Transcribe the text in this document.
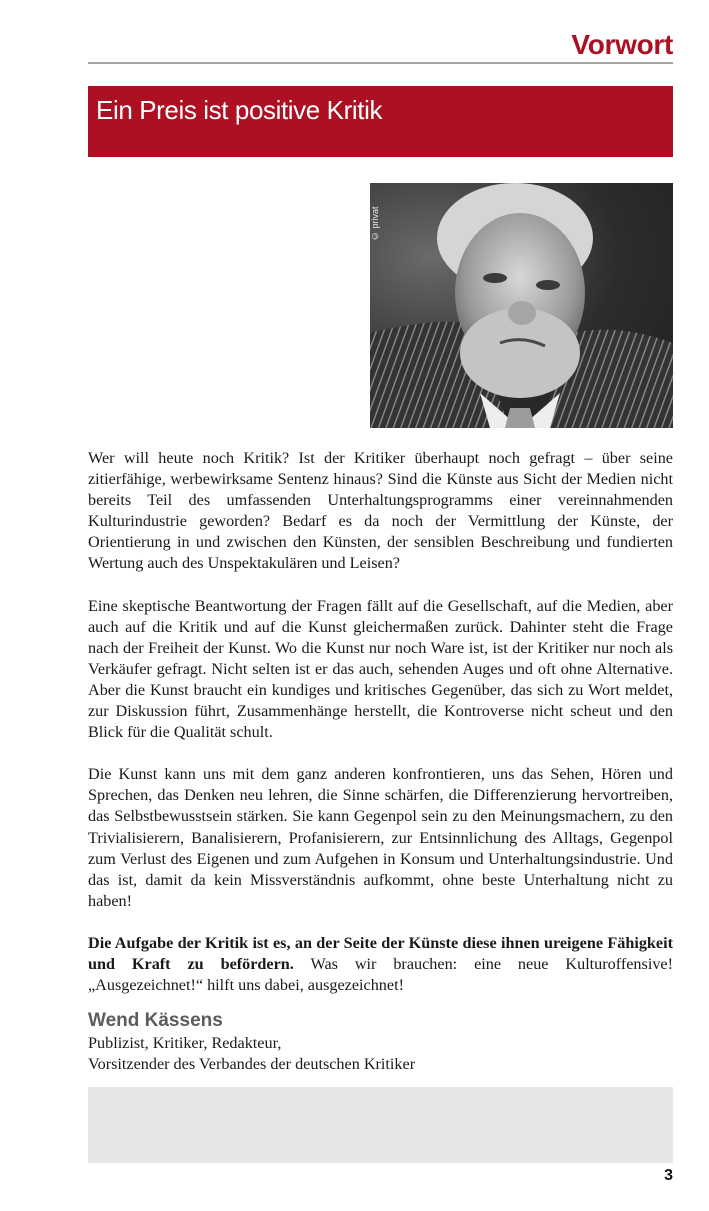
Vorwort
Ein Preis ist positive Kritik
© privat

Wer will heute noch Kritik? Ist der Kritiker überhaupt noch gefragt – über seine zitierfähige, werbewirksame Sentenz hinaus? Sind die Künste aus Sicht der Medien nicht bereits Teil des umfassenden Unterhaltungsprogramms einer vereinnahmenden Kulturindustrie geworden? Bedarf es da noch der Vermittlung der Künste, der Orientierung in und zwischen den Künsten, der sensiblen Beschreibung und fundierten Wertung auch des Unspektakulären und Leisen?

Eine skeptische Beantwortung der Fragen fällt auf die Gesellschaft, auf die Medien, aber auch auf die Kritik und auf die Kunst gleichermaßen zurück. Dahinter steht die Frage nach der Freiheit der Kunst. Wo die Kunst nur noch Ware ist, ist der Kritiker nur noch als Verkäufer gefragt. Nicht selten ist er das auch, sehenden Auges und oft ohne Alternative. Aber die Kunst braucht ein kundiges und kritisches Gegenüber, das sich zu Wort meldet, zur Diskussion führt, Zusammenhänge herstellt, die Kontroverse nicht scheut und den Blick für die Qualität schult.

Die Kunst kann uns mit dem ganz anderen konfrontieren, uns das Sehen, Hören und Sprechen, das Denken neu lehren, die Sinne schärfen, die Differenzierung hervortreiben, das Selbstbewusstsein stärken. Sie kann Gegenpol sein zu den Meinungsmachern, zu den Trivialisierern, Banalisierern, Profanisierern, zur Entsinnlichung des Alltags, Gegenpol zum Verlust des Eigenen und zum Aufgehen in Konsum und Unterhaltungsindustrie. Und das ist, damit da kein Missverständnis aufkommt, ohne beste Unterhaltung nicht zu haben!

Die Aufgabe der Kritik ist es, an der Seite der Künste diese ihnen ureigene Fähigkeit und Kraft zu befördern. Was wir brauchen: eine neue Kulturoffensive! „Ausgezeichnet!“ hilft uns dabei, ausgezeichnet!

Wend Kässens

Publizist, Kritiker, Redakteur,

Vorsitzender des Verbandes der deutschen Kritiker

3
